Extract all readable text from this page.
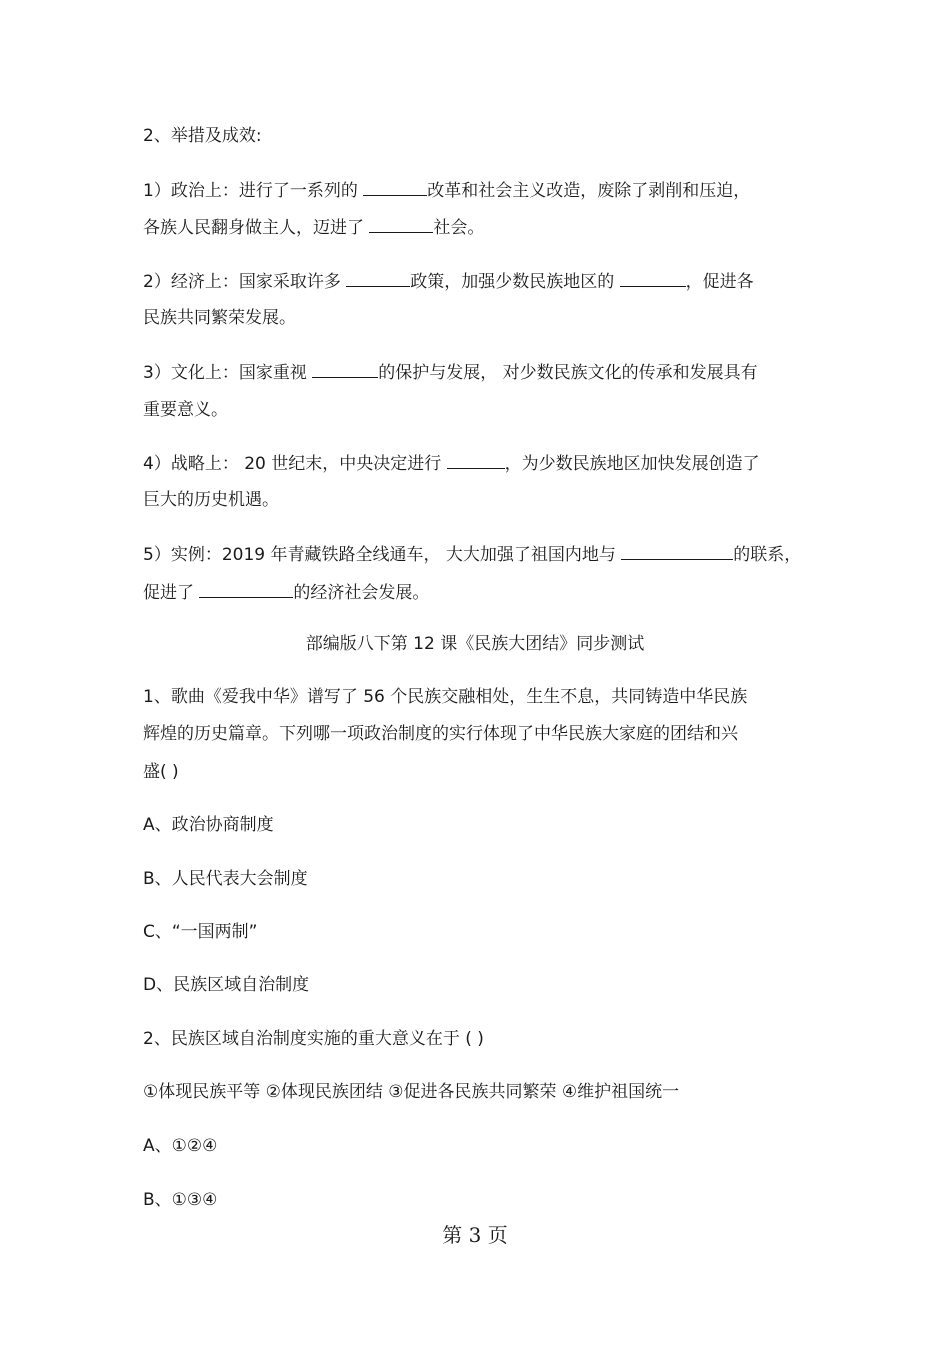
2、举措及成效:
1）政治上：进行了一系列的	改革和社会主义改造，废除了剥削和压迫，
各族人民翻身做主人，迈进了	社会。
2）经济上：国家采取许多	政策，加强少数民族地区的	，促进各
民族共同繁荣发展。
3）文化上：国家重视	的保护与发展， 对少数民族文化的传承和发展具有
重要意义。
4）战略上： 20 世纪末，中央决定进行	，为少数民族地区加快发展创造了
巨大的历史机遇。
5）实例：2019 年青藏铁路全线通车， 大大加强了祖国内地与	的联系，
促进了	的经济社会发展。
部编版八下第 12 课《民族大团结》同步测试
1、歌曲《爱我中华》谱写了 56 个民族交融相处，生生不息，共同铸造中华民族
辉煌的历史篇章。下列哪一项政治制度的实行体现了中华民族大家庭的团结和兴
盛( )
A、政治协商制度
B、人民代表大会制度
C、“一国两制”
D、民族区域自治制度
2、民族区域自治制度实施的重大意义在于 ( )
①体现民族平等 ②体现民族团结 ③促进各民族共同繁荣 ④维护祖国统一
A、①②④
B、①③④
第 3 页
